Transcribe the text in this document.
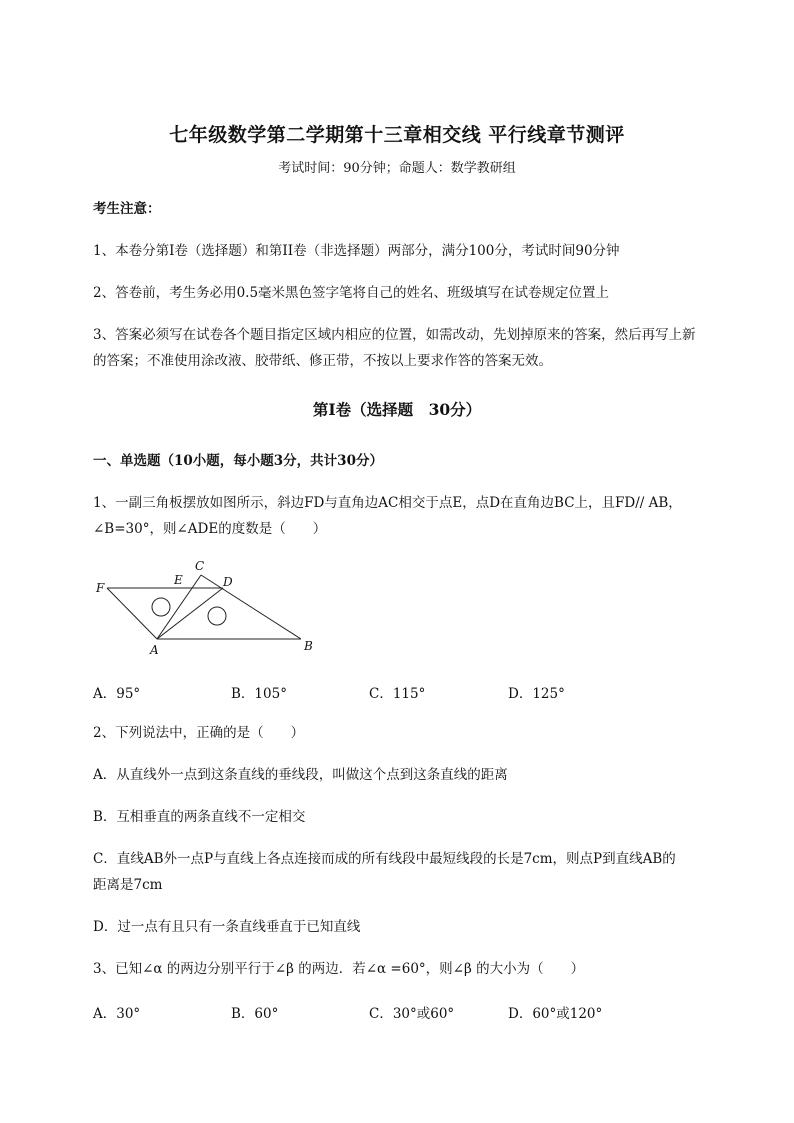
七年级数学第二学期第十三章相交线 平行线章节测评
考试时间：90分钟；命题人：数学教研组
考生注意：
1、本卷分第I卷（选择题）和第II卷（非选择题）两部分，满分100分，考试时间90分钟
2、答卷前，考生务必用0.5毫米黑色签字笔将自己的姓名、班级填写在试卷规定位置上
3、答案必须写在试卷各个题目指定区域内相应的位置，如需改动，先划掉原来的答案，然后再写上新
的答案；不准使用涂改液、胶带纸、修正带，不按以上要求作答的答案无效。
第I卷（选择题　30分）
一、单选题（10小题，每小题3分，共计30分）
1、一副三角板摆放如图所示，斜边FD与直角边AC相交于点E，点D在直角边BC上，且FD// AB，
∠B=30°，则∠ADE的度数是（　　）
F
E
C
D
A	B
A．95°	B．105°	C．115°	D．125°
2、下列说法中，正确的是（　　）
A．从直线外一点到这条直线的垂线段，叫做这个点到这条直线的距离
B．互相垂直的两条直线不一定相交
C．直线AB外一点P与直线上各点连接而成的所有线段中最短线段的长是7cm，则点P到直线AB的
距离是7cm
D．过一点有且只有一条直线垂直于已知直线
3、已知∠α 的两边分别平行于∠β 的两边．若∠α =60°，则∠β 的大小为（　　）
A．30°	B．60°	C．30°或60°	D．60°或120°
